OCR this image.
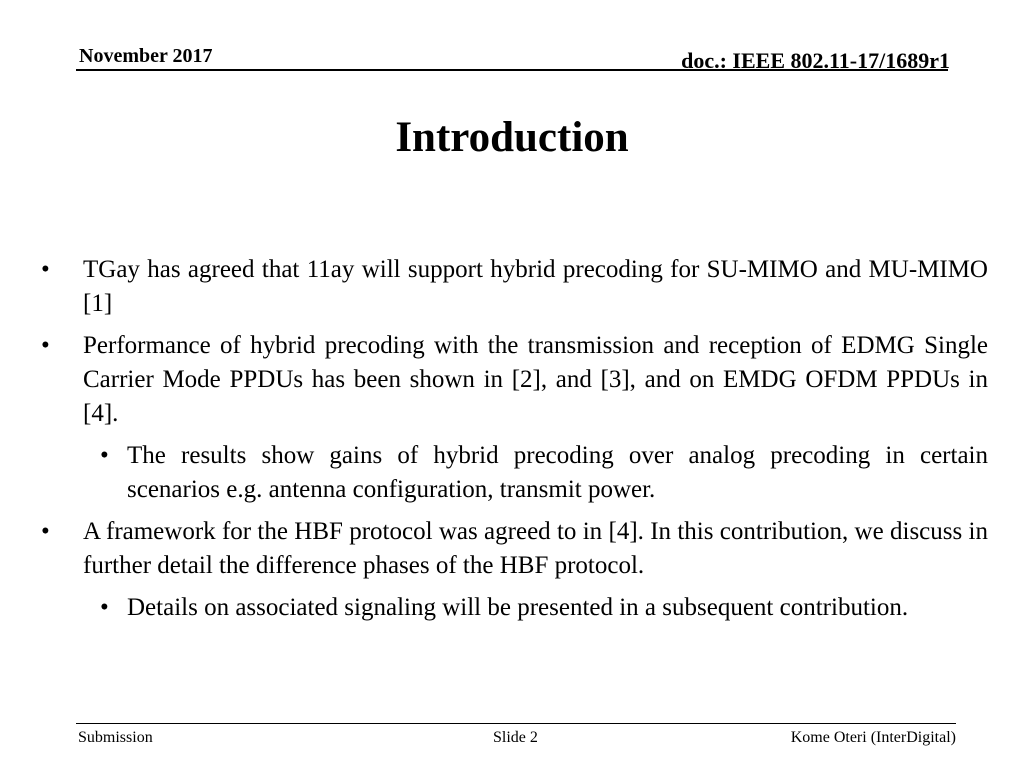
November 2017	doc.: IEEE 802.11-17/1689r1
Introduction
• TGay has agreed that 11ay will support hybrid precoding for SU-MIMO and MU-MIMO [1]
• Performance of hybrid precoding with the transmission and reception of EDMG Single Carrier Mode PPDUs has been shown in [2], and [3], and on EMDG OFDM PPDUs in [4].
• The results show gains of hybrid precoding over analog precoding in certain scenarios e.g. antenna configuration, transmit power.
• A framework for the HBF protocol was agreed to in [4]. In this contribution, we discuss in further detail the difference phases of the HBF protocol.
• Details on associated signaling will be presented in a subsequent contribution.
Submission	Slide 2	Kome Oteri (InterDigital)
